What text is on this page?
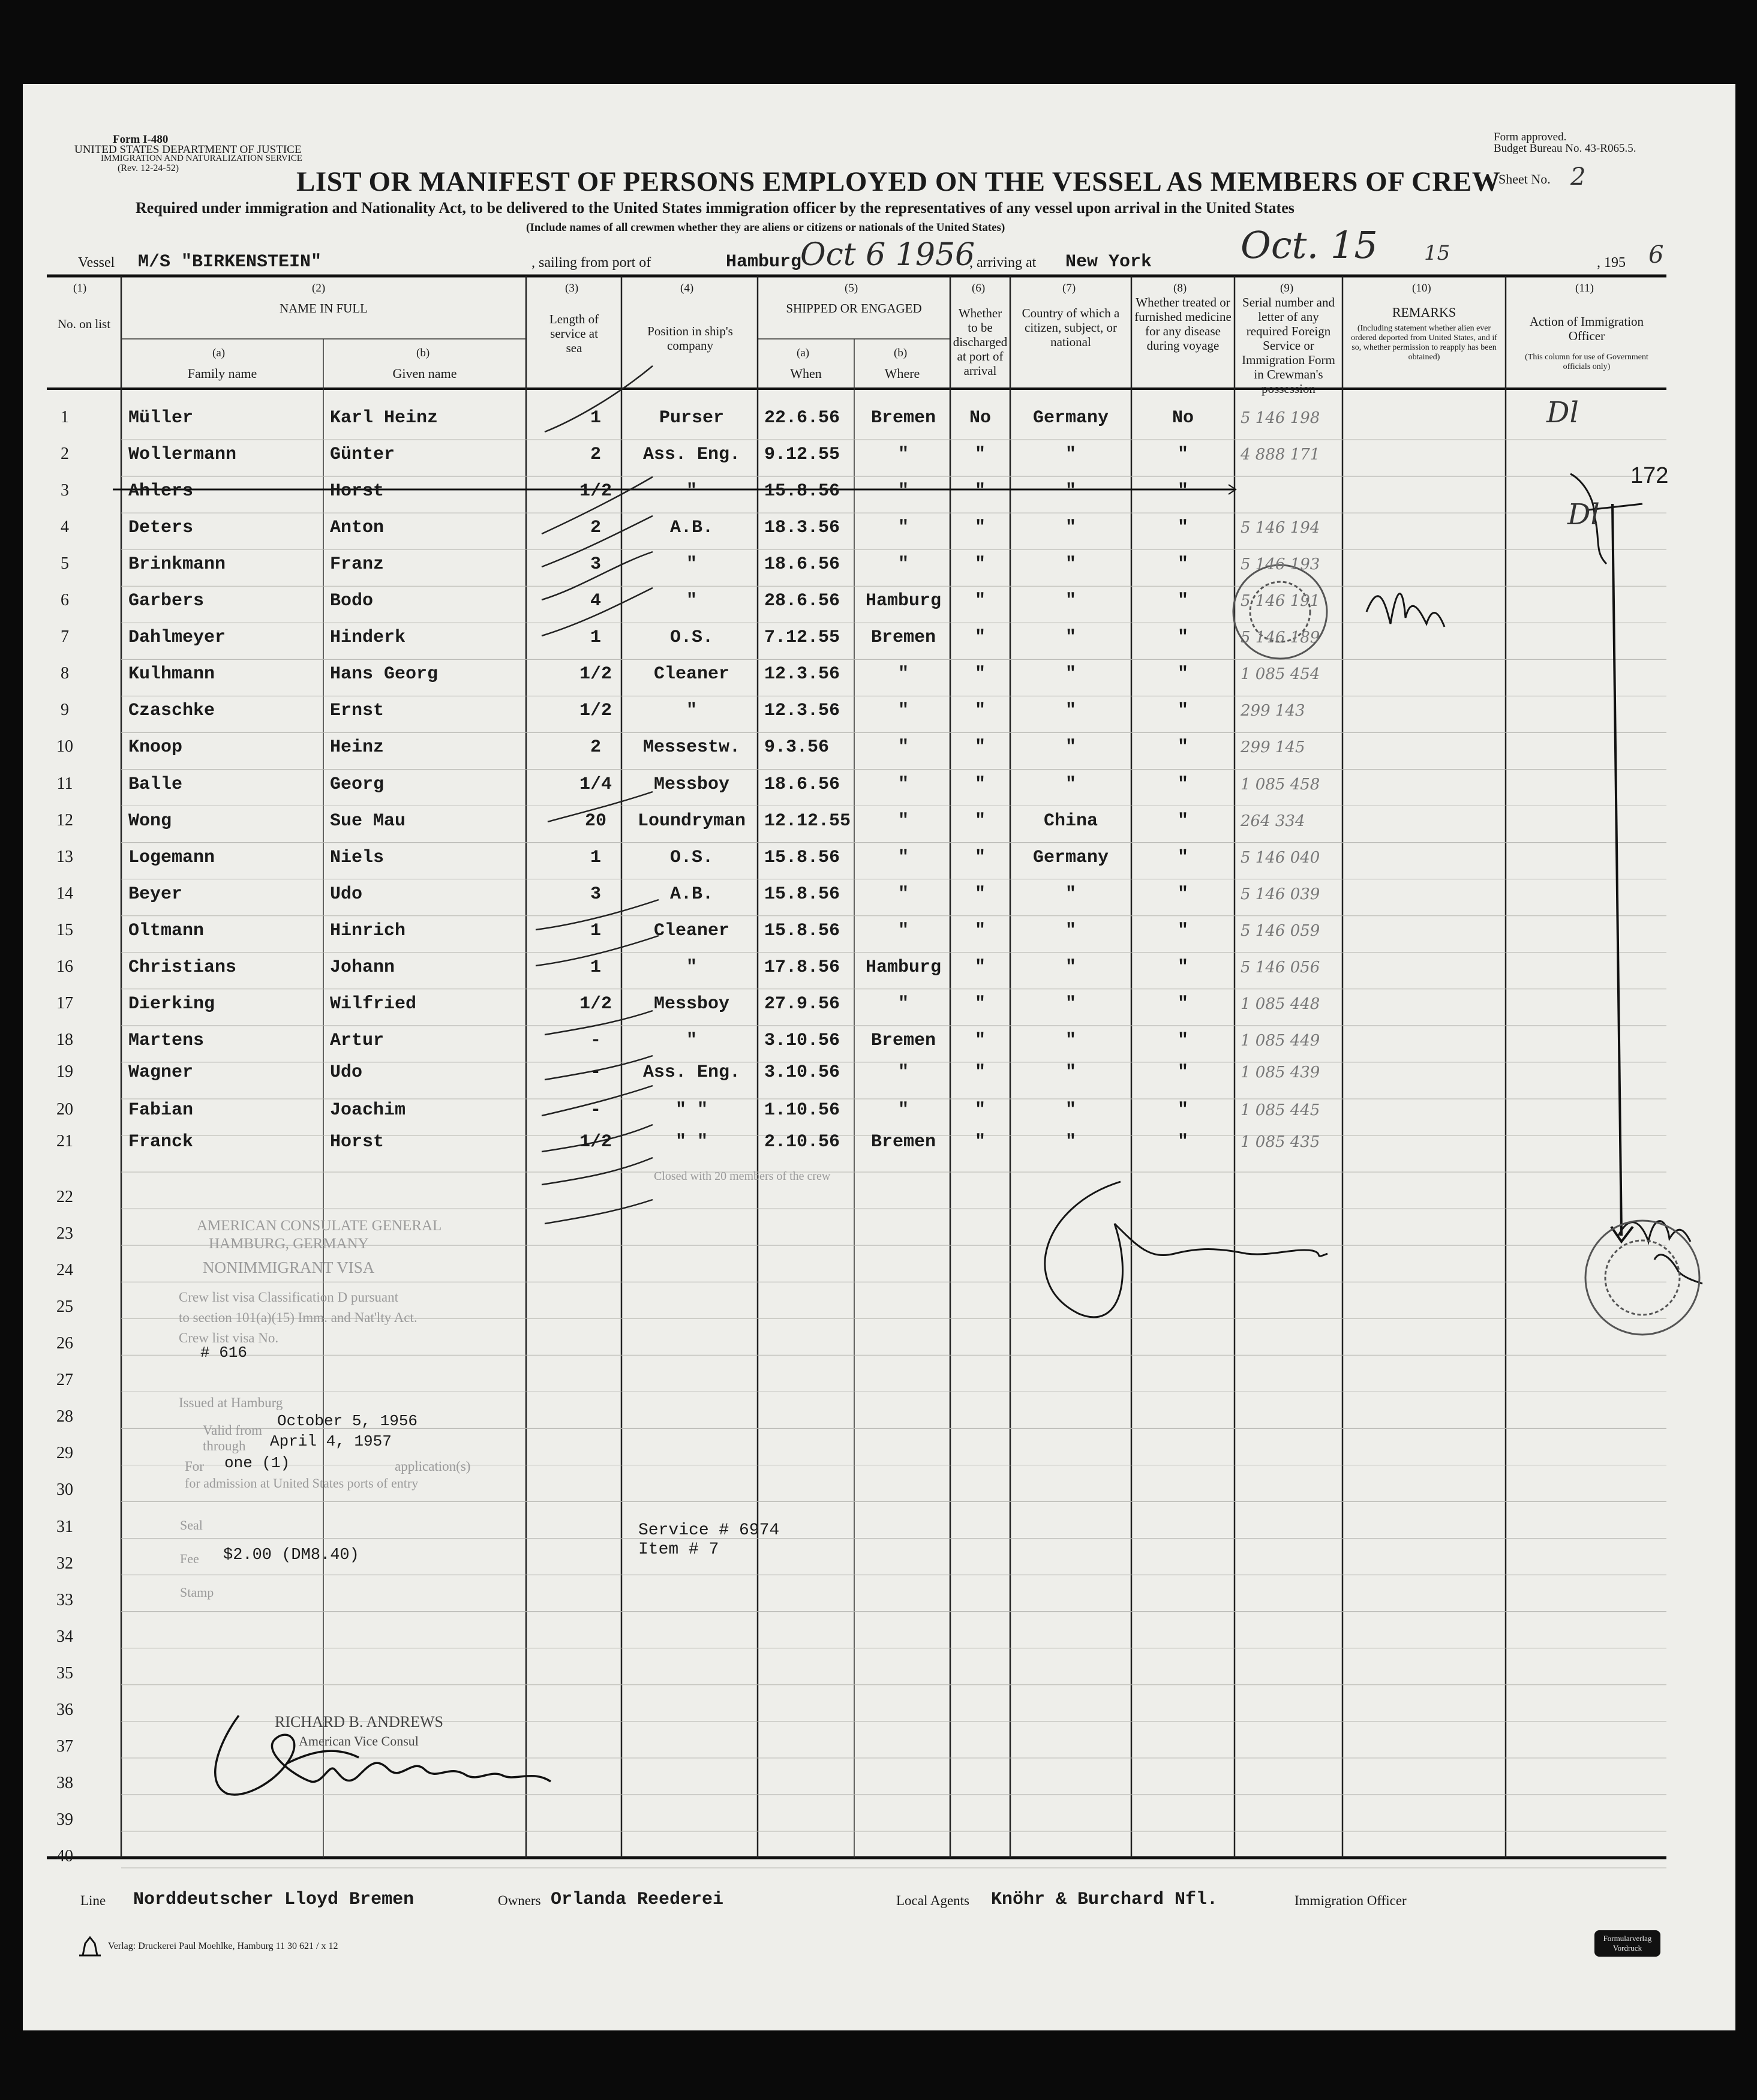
Form I-480
UNITED STATES DEPARTMENT OF JUSTICE
IMMIGRATION AND NATURALIZATION SERVICE
(Rev. 12-24-52)
Form approved.
Budget Bureau No. 43-R065.5.
Sheet No. 2
LIST OR MANIFEST OF PERSONS EMPLOYED ON THE VESSEL AS MEMBERS OF CREW
Required under immigration and Nationality Act, to be delivered to the United States immigration officer by the representatives of any vessel upon arrival in the United States
(Include names of all crewmen whether they are aliens or citizens or nationals of the United States)
Vessel M/S "BIRKENSTEIN"	, sailing from port of	Hamburg
Oct 6 1956
, arriving at New York Oct. 15 15	, 195 6
(1)
No. on list
(2)
NAME IN FULL
(a)
Family name
(b)
Given name
(3)
Length of service at sea
(4)
Position in ship's company
(5)
SHIPPED OR ENGAGED
(a)
When
(b)
Where
(6)
Whether to be discharged at port of arrival
(7)
Country of which a citizen, subject, or national
(8)
Whether treated or furnished medicine for any disease during voyage
(9)
Serial number and letter of any required Foreign Service or Immigration Form in Crewman's possession
(10)
REMARKS
(Including statement whether alien ever ordered deported from United States, and if so, whether permission to reapply has been obtained)
(11)
Action of Immigration Officer
(This column for use of Government officials only)
1	Müller	Karl Heinz	1	Purser	22.6.56	Bremen	No	Germany	No	5 146 198
2	Wollermann	Günter	2	Ass. Eng.	9.12.55	"	"	"	"	4 888 171
3	Ahlers	Horst	1/2	"	15.8.56	"	"	"	"
4	Deters	Anton	2	A.B.	18.3.56	"	"	"	"	5 146 194
5	Brinkmann	Franz	3	"	18.6.56	"	"	"	"	5 146 193
6	Garbers	Bodo	4	"	28.6.56 Hamburg	"	"	"	5 146 191
7	Dahlmeyer	Hinderk	1	O.S.	7.12.55	Bremen	"	"	"	5 146 189
8	Kulhmann	Hans Georg	1/2	Cleaner	12.3.56	"	"	"	"	1 085 454
9	Czaschke	Ernst	1/2	"	12.3.56	"	"	"	"	299 143
10	Knoop	Heinz	2	Messestw.	9.3.56	"	"	"	"	299 145
11	Balle	Georg	1/4	Messboy	18.6.56	"	"	"	"	1 085 458
12	Wong	Sue Mau	20	Loundryman	12.12.55	"	"	China	"	264 334
13	Logemann	Niels	1	O.S.	15.8.56	"	"	Germany	"	5 146 040
14	Beyer	Udo	3	A.B.	15.8.56	"	"	"	"	5 146 039
15	Oltmann	Hinrich	1	Cleaner	15.8.56	"	"	"	"	5 146 059
16	Christians	Johann	1	"	17.8.56 Hamburg	"	"	"	5 146 056
17	Dierking	Wilfried	1/2	Messboy	27.9.56	"	"	"	"	1 085 448
18	Martens	Artur	-	"	3.10.56	Bremen	"	"	"	1 085 449
19	Wagner	Udo	-	Ass. Eng.	3.10.56	"	"	"	"	1 085 439
20	Fabian	Joachim	-	" "	1.10.56	"	"	"	"	1 085 445
21	Franck	Horst	1/2	" "	2.10.56	Bremen	"	"	"	1 085 435
22
23
24
25
26
27
28
29
30
31
32
33
34
35
36
37
38
39
40
Closed with 20 members of the crew
172
Dl
Dl
AMERICAN CONSULATE GENERAL
HAMBURG, GERMANY
NONIMMIGRANT VISA
Crew list visa Classification D pursuant
to section 101(a)(15) Imm. and Nat'lty Act.
Crew list visa No.
# 616
Issued at Hamburg
Valid from
October 5, 1956
through April 4, 1957
For one (1)	application(s)
for admission at United States ports of entry
Seal
Fee $2.00 (DM8.40)
Stamp
RICHARD B. ANDREWS
American Vice Consul
Service # 6974
Item # 7
Line Norddeutscher Lloyd Bremen	Owners Orlanda Reederei	Local Agents Knöhr & Burchard Nfl.	Immigration Officer
Verlag: Druckerei Paul Moehlke, Hamburg 11 30 621 / x 12
Formularverlag Vordruck
